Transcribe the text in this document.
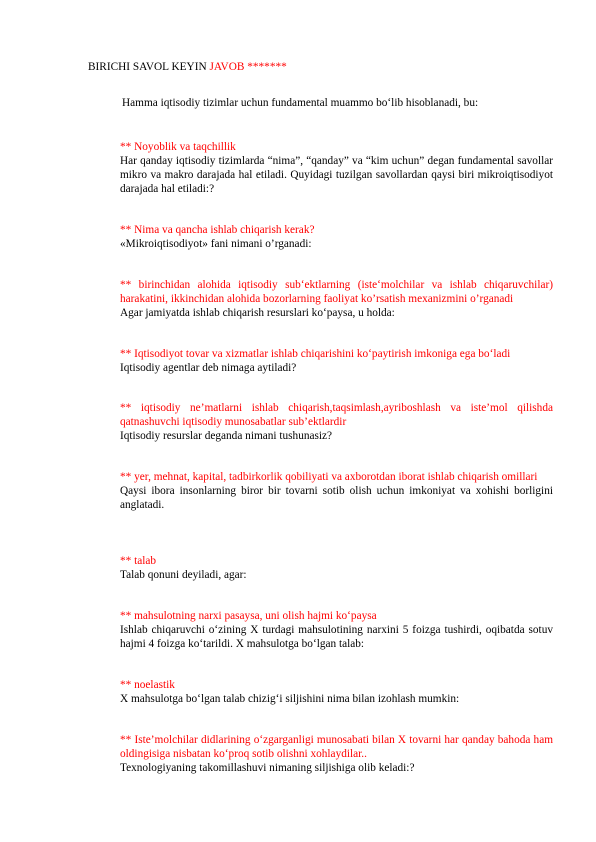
BIRICHI SAVOL KEYIN JAVOB *******
Hamma iqtisodiy tizimlar uchun fundamental muammo bo‘lib hisoblanadi, bu:
** Noyoblik va taqchillik
Har qanday iqtisodiy tizimlarda “nima”, “qanday” va “kim uchun” degan fundamental savollar mikro va makro darajada hal etiladi. Quyidagi tuzilgan savollardan qaysi biri mikroiqtisodiyot darajada hal etiladi:?
** Nima va qancha ishlab chiqarish kerak?
«Mikroiqtisodiyot» fani nimani o’rganadi:
** birinchidan alohida iqtisodiy sub‘ektlarning (iste‘molchilar va ishlab chiqaruvchilar) harakatini, ikkinchidan alohida bozorlarning faoliyat ko’rsatish mexanizmini o’rganadi
Agar jamiyatda ishlab chiqarish resurslari ko‘paysa, u holda:
** Iqtisodiyot tovar va xizmatlar ishlab chiqarishini ko‘paytirish imkoniga ega bo‘ladi
Iqtisodiy agentlar deb nimaga aytiladi?
** iqtisodiy ne’matlarni ishlab chiqarish,taqsimlash,ayriboshlash va iste’mol qilishda qatnashuvchi iqtisodiy munosabatlar sub’ektlardir
Iqtisodiy resurslar deganda nimani tushunasiz?
** yer, mehnat, kapital, tadbirkorlik qobiliyati va axborotdan iborat ishlab chiqarish omillari
Qaysi ibora insonlarning biror bir tovarni sotib olish uchun imkoniyat va xohishi borligini anglatadi.
** talab
Talab qonuni deyiladi, agar:
** mahsulotning narxi pasaysa, uni olish hajmi ko‘paysa
Ishlab chiqaruvchi o‘zining X turdagi mahsulotining narxini 5 foizga tushirdi, oqibatda sotuv hajmi 4 foizga ko‘tarildi. X mahsulotga bo‘lgan talab:
** noelastik
X mahsulotga bo‘lgan talab chizig‘i siljishini nima bilan izohlash mumkin:
** Iste’molchilar didlarining o‘zgarganligi munosabati bilan X tovarni har qanday bahoda ham oldingisiga nisbatan ko‘proq sotib olishni xohlaydilar..
Texnologiyaning takomillashuvi nimaning siljishiga olib keladi:?
